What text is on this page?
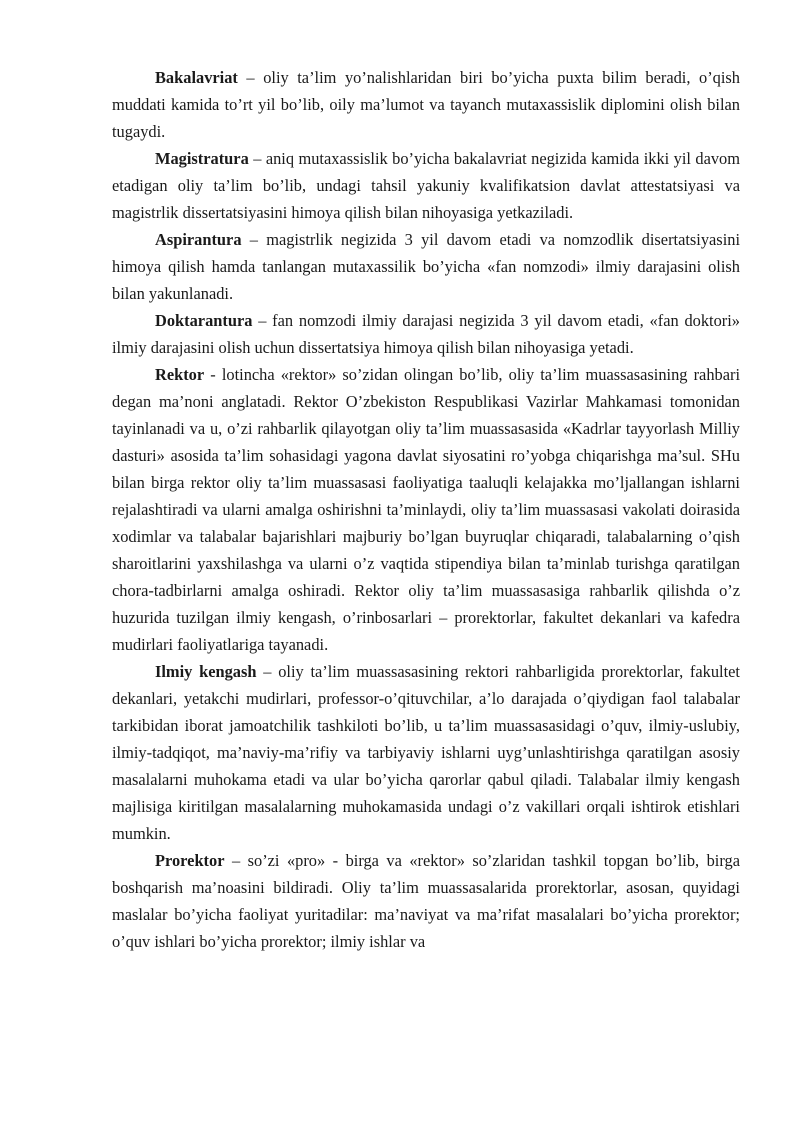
Bakalavriat – oliy ta’lim yo’nalishlaridan biri bo’yicha puxta bilim beradi, o’qish muddati kamida to’rt yil bo’lib, oily ma’lumot va tayanch mutaxassislik diplomini olish bilan tugaydi.

Magistratura – aniq mutaxassislik bo’yicha bakalavriat negizida kamida ikki yil davom etadigan oliy ta’lim bo’lib, undagi tahsil yakuniy kvalifikatsion davlat attestatsiyasi va magistrlik dissertatsiyasini himoya qilish bilan nihoyasiga yetkaziladi.

Aspirantura – magistrlik negizida 3 yil davom etadi va nomzodlik disertatsiyasini himoya qilish hamda tanlangan mutaxassilik bo’yicha «fan nomzodi» ilmiy darajasini olish bilan yakunlanadi.

Doktarantura – fan nomzodi ilmiy darajasi negizida 3 yil davom etadi, «fan doktori» ilmiy darajasini olish uchun dissertatsiya himoya qilish bilan nihoyasiga yetadi.

Rektor - lotincha «rektor» so’zidan olingan bo’lib, oliy ta’lim muassasasining rahbari degan ma’noni anglatadi. Rektor O’zbekiston Respublikasi Vazirlar Mahkamasi tomonidan tayinlanadi va u, o’zi rahbarlik qilayotgan oliy ta’lim muassasasida «Kadrlar tayyorlash Milliy dasturi» asosida ta’lim sohasidagi yagona davlat siyosatini ro’yobga chiqarishga ma’sul. SHu bilan birga rektor oliy ta’lim muassasasi faoliyatiga taaluqli kelajakka mo’ljallangan ishlarni rejalashtiradi va ularni amalga oshirishni ta’minlaydi, oliy ta’lim muassasasi vakolati doirasida xodimlar va talabalar bajarishlari majburiy bo’lgan buyruqlar chiqaradi, talabalarning o’qish sharoitlarini yaxshilashga va ularni o’z vaqtida stipendiya bilan ta’minlab turishga qaratilgan chora-tadbirlarni amalga oshiradi. Rektor oliy ta’lim muassasasiga rahbarlik qilishda o’z huzurida tuzilgan ilmiy kengash, o’rinbosarlari – prorektorlar, fakultet dekanlari va kafedra mudirlari faoliyatlariga tayanadi.

Ilmiy kengash – oliy ta’lim muassasasining rektori rahbarligida prorektorlar, fakultet dekanlari, yetakchi mudirlari, professor-o’qituvchilar, a’lo darajada o’qiydigan faol talabalar tarkibidan iborat jamoatchilik tashkiloti bo’lib, u ta’lim muassasasidagi o’quv, ilmiy-uslubiy, ilmiy-tadqiqot, ma’naviy-ma’rifiy va tarbiyaviy ishlarni uyg’unlashtirishga qaratilgan asosiy masalalarni muhokama etadi va ular bo’yicha qarorlar qabul qiladi. Talabalar ilmiy kengash majlisiga kiritilgan masalalarning muhokamasida undagi o’z vakillari orqali ishtirok etishlari mumkin.

Prorektor – so’zi «pro» - birga va «rektor» so’zlaridan tashkil topgan bo’lib, birga boshqarish ma’noasini bildiradi. Oliy ta’lim muassasalarida prorektorlar, asosan, quyidagi maslalar bo’yicha faoliyat yuritadilar: ma’naviyat va ma’rifat masalalari bo’yicha prorektor; o’quv ishlari bo’yicha prorektor; ilmiy ishlar va
